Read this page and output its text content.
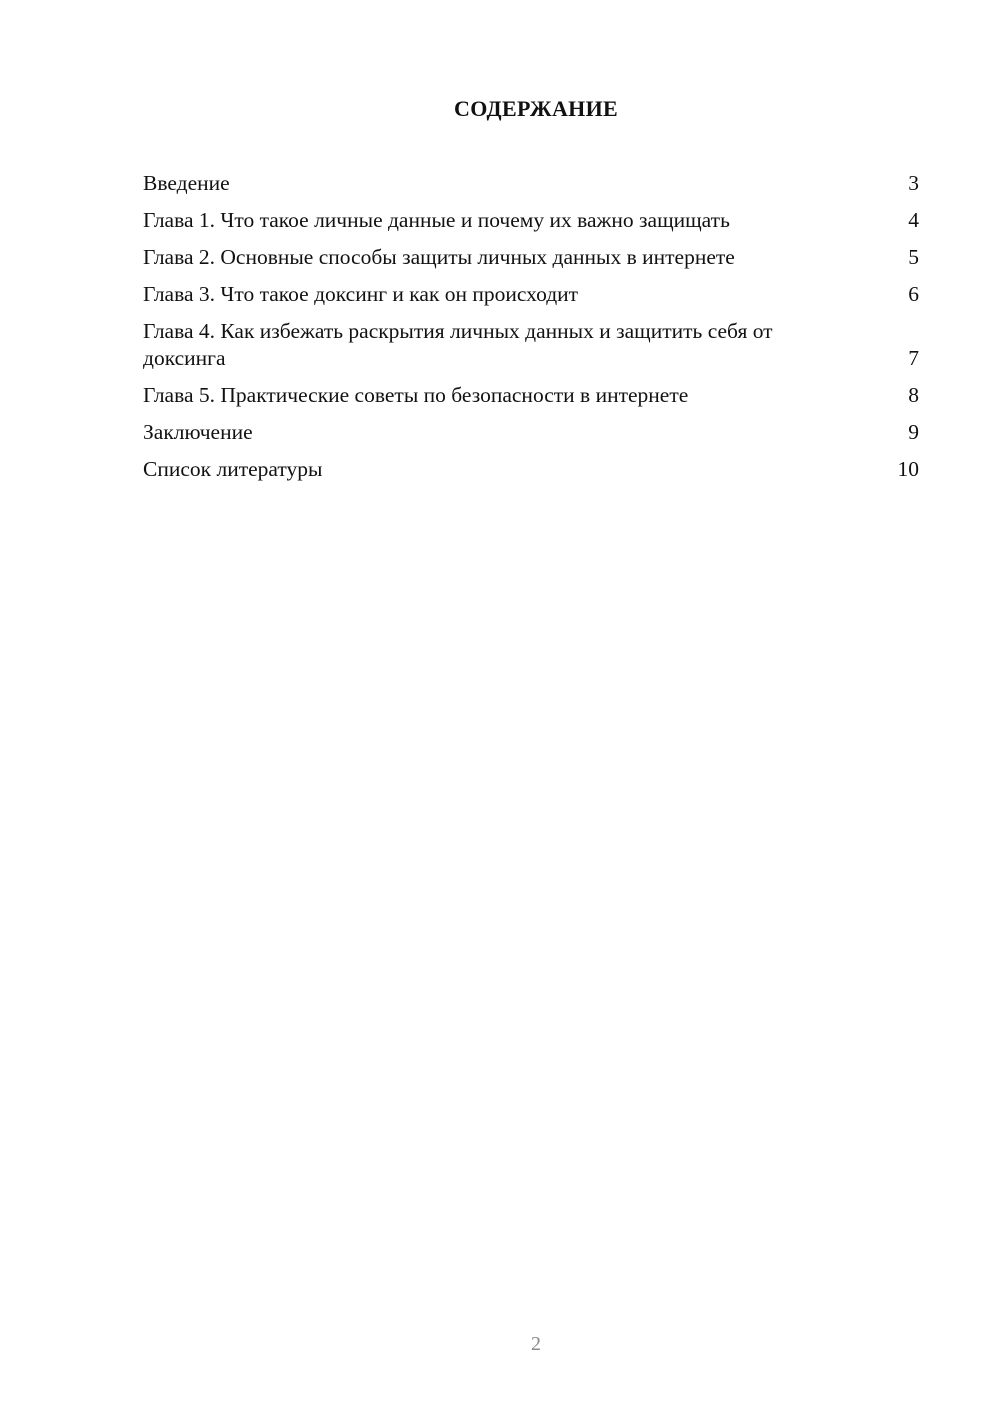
СОДЕРЖАНИЕ
Введение	3
Глава 1. Что такое личные данные и почему их важно защищать	4
Глава 2. Основные способы защиты личных данных в интернете	5
Глава 3. Что такое доксинг и как он происходит	6
Глава 4. Как избежать раскрытия личных данных и защитить себя от доксинга	7
Глава 5. Практические советы по безопасности в интернете	8
Заключение	9
Список литературы	10
2
